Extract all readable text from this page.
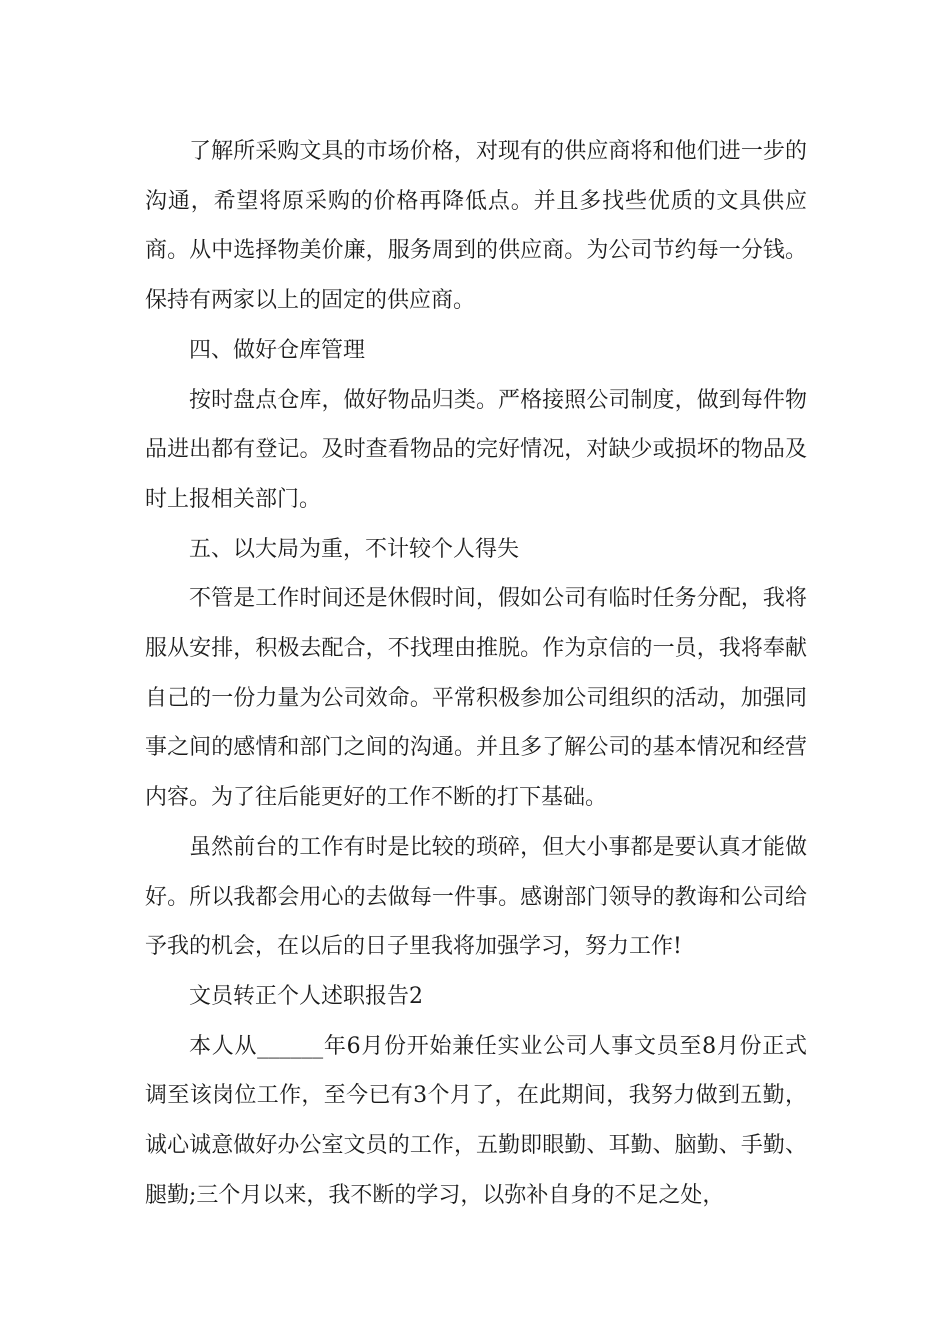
了解所采购文具的市场价格，对现有的供应商将和他们进一步的沟通，希望将原采购的价格再降低点。并且多找些优质的文具供应商。从中选择物美价廉，服务周到的供应商。为公司节约每一分钱。保持有两家以上的固定的供应商。

四、做好仓库管理

按时盘点仓库，做好物品归类。严格接照公司制度，做到每件物品进出都有登记。及时查看物品的完好情况，对缺少或损坏的物品及时上报相关部门。

五、以大局为重，不计较个人得失

不管是工作时间还是休假时间，假如公司有临时任务分配，我将服从安排，积极去配合，不找理由推脱。作为京信的一员，我将奉献自己的一份力量为公司效命。平常积极参加公司组织的活动，加强同事之间的感情和部门之间的沟通。并且多了解公司的基本情况和经营内容。为了往后能更好的工作不断的打下基础。

虽然前台的工作有时是比较的琐碎，但大小事都是要认真才能做好。所以我都会用心的去做每一件事。感谢部门领导的教诲和公司给予我的机会，在以后的日子里我将加强学习，努力工作!

文员转正个人述职报告2

本人从______年6月份开始兼任实业公司人事文员至8月份正式调至该岗位工作，至今已有3个月了，在此期间，我努力做到五勤，诚心诚意做好办公室文员的工作，五勤即眼勤、耳勤、脑勤、手勤、腿勤;三个月以来，我不断的学习，以弥补自身的不足之处，
